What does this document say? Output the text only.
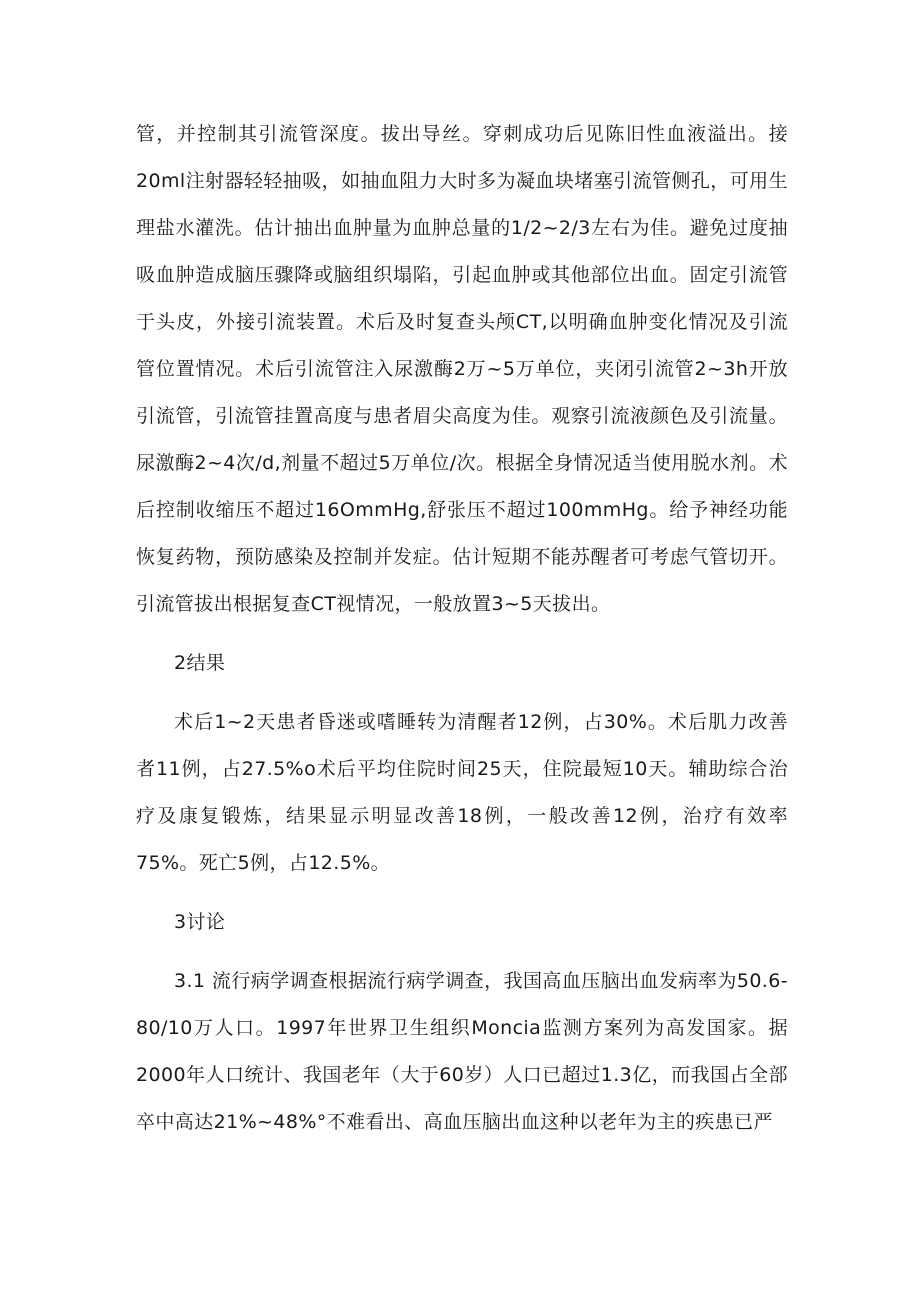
管，并控制其引流管深度。拔出导丝。穿刺成功后见陈旧性血液溢出。接20ml注射器轻轻抽吸，如抽血阻力大时多为凝血块堵塞引流管侧孔，可用生理盐水灌洗。估计抽出血肿量为血肿总量的1/2~2/3左右为佳。避免过度抽吸血肿造成脑压骤降或脑组织塌陷，引起血肿或其他部位出血。固定引流管于头皮，外接引流装置。术后及时复查头颅CT,以明确血肿变化情况及引流管位置情况。术后引流管注入尿激酶2万~5万单位，夹闭引流管2~3h开放引流管，引流管挂置高度与患者眉尖高度为佳。观察引流液颜色及引流量。尿激酶2~4次/d,剂量不超过5万单位/次。根据全身情况适当使用脱水剂。术后控制收缩压不超过16OmmHg,舒张压不超过100mmHg。给予神经功能恢复药物，预防感染及控制并发症。估计短期不能苏醒者可考虑气管切开。引流管拔出根据复查CT视情况，一般放置3~5天拔出。

2结果

术后1~2天患者昏迷或嗜睡转为清醒者12例，占30%。术后肌力改善者11例，占27.5%o术后平均住院时间25天，住院最短10天。辅助综合治疗及康复锻炼，结果显示明显改善18例，一般改善12例，治疗有效率75%。死亡5例，占12.5%。

3讨论

3.1 流行病学调查根据流行病学调查，我国高血压脑出血发病率为50.6-80/10万人口。1997年世界卫生组织Moncia监测方案列为高发国家。据2000年人口统计、我国老年（大于60岁）人口已超过1.3亿，而我国占全部卒中高达21%~48%°不难看出、高血压脑出血这种以老年为主的疾患已严
